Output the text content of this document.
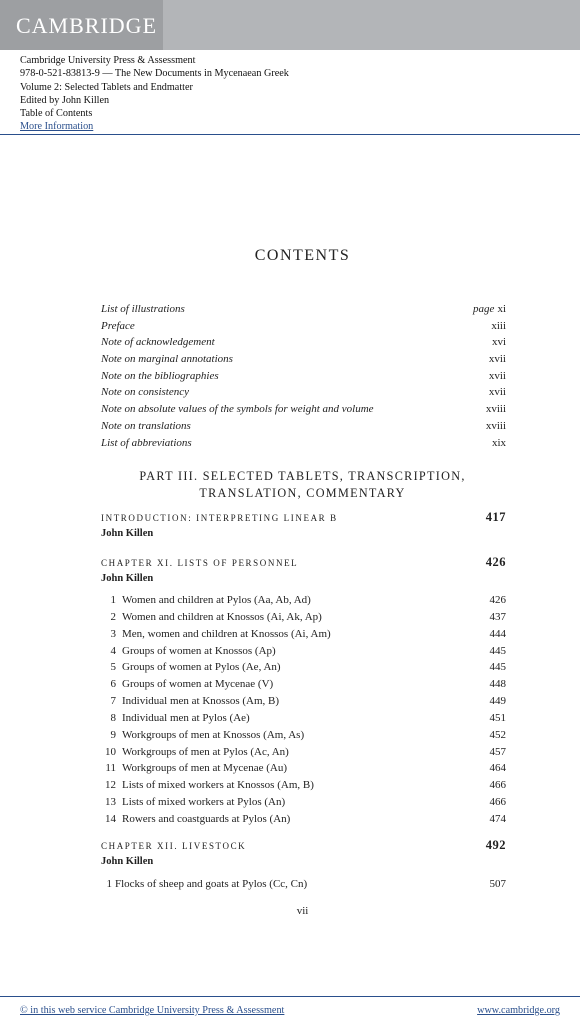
CAMBRIDGE
Cambridge University Press & Assessment
978-0-521-83813-9 — The New Documents in Mycenaean Greek
Volume 2: Selected Tablets and Endmatter
Edited by John Killen
Table of Contents
More Information
CONTENTS
List of illustrations	page xi
Preface	xiii
Note of acknowledgement	xvi
Note on marginal annotations	xvii
Note on the bibliographies	xvii
Note on consistency	xvii
Note on absolute values of the symbols for weight and volume	xviii
Note on translations	xviii
List of abbreviations	xix
PART III. SELECTED TABLETS, TRANSCRIPTION,
TRANSLATION, COMMENTARY
INTRODUCTION: INTERPRETING LINEAR B	417
John Killen
CHAPTER XI. LISTS OF PERSONNEL	426
John Killen
1 Women and children at Pylos (Aa, Ab, Ad)	426
2 Women and children at Knossos (Ai, Ak, Ap)	437
3 Men, women and children at Knossos (Ai, Am)	444
4 Groups of women at Knossos (Ap)	445
5 Groups of women at Pylos (Ae, An)	445
6 Groups of women at Mycenae (V)	448
7 Individual men at Knossos (Am, B)	449
8 Individual men at Pylos (Ae)	451
9 Workgroups of men at Knossos (Am, As)	452
10 Workgroups of men at Pylos (Ac, An)	457
11 Workgroups of men at Mycenae (Au)	464
12 Lists of mixed workers at Knossos (Am, B)	466
13 Lists of mixed workers at Pylos (An)	466
14 Rowers and coastguards at Pylos (An)	474
CHAPTER XII. LIVESTOCK	492
John Killen
1 Flocks of sheep and goats at Pylos (Cc, Cn)	507
vii
© in this web service Cambridge University Press & Assessment	www.cambridge.org
